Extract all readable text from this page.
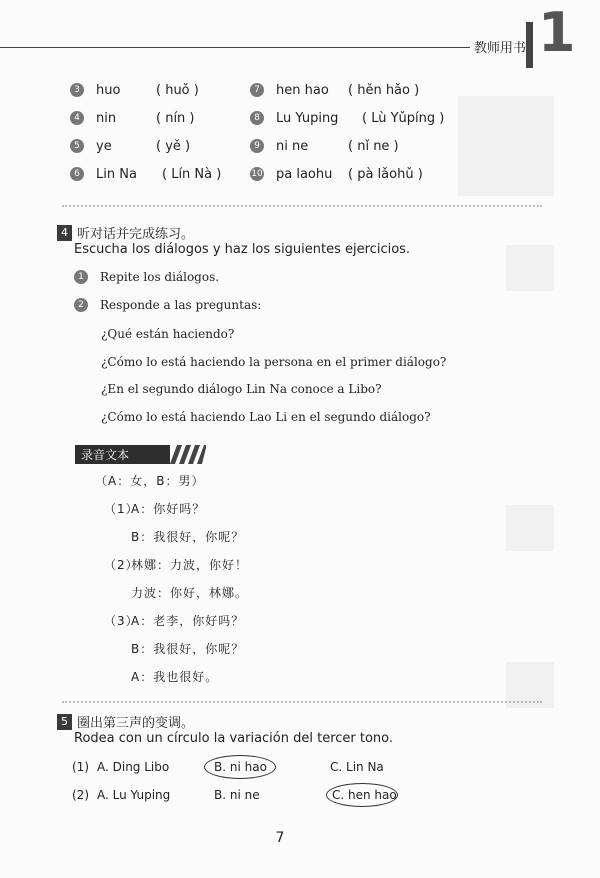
教师用书 1
3	huo	( huǒ )
4	nin	( nín )
5	ye	( yě )
6	Lin Na	( Lín Nà )
7	hen hao	( hěn hǎo )
8	Lu Yuping	( Lù Yǔpíng )
9	ni ne	( nǐ ne )
10 pa laohu	( pà lǎohǔ )
4 听对话并完成练习。
Escucha los diálogos y haz los siguientes ejercicios.
1	Repite los diálogos.
2	Responde a las preguntas:
¿Qué están haciendo?
¿Cómo lo está haciendo la persona en el primer diálogo?
¿En el segundo diálogo Lin Na conoce a Libo?
¿Cómo lo está haciendo Lao Li en el segundo diálogo?
录音文本
（A：女，B：男）
（1）
A：你好吗？
B：我很好，你呢？
（2）
林娜：力波，你好！
力波：你好，林娜。
（3）
A：老李，你好吗？
B：我很好，你呢？
A：我也很好。
5 圈出第三声的变调。
Rodea con un círculo la variación del tercer tono.
(1) A. Ding Libo	B. ni hao	C. Lin Na
(2) A. Lu Yuping	B. ni ne	C. hen hao
7
